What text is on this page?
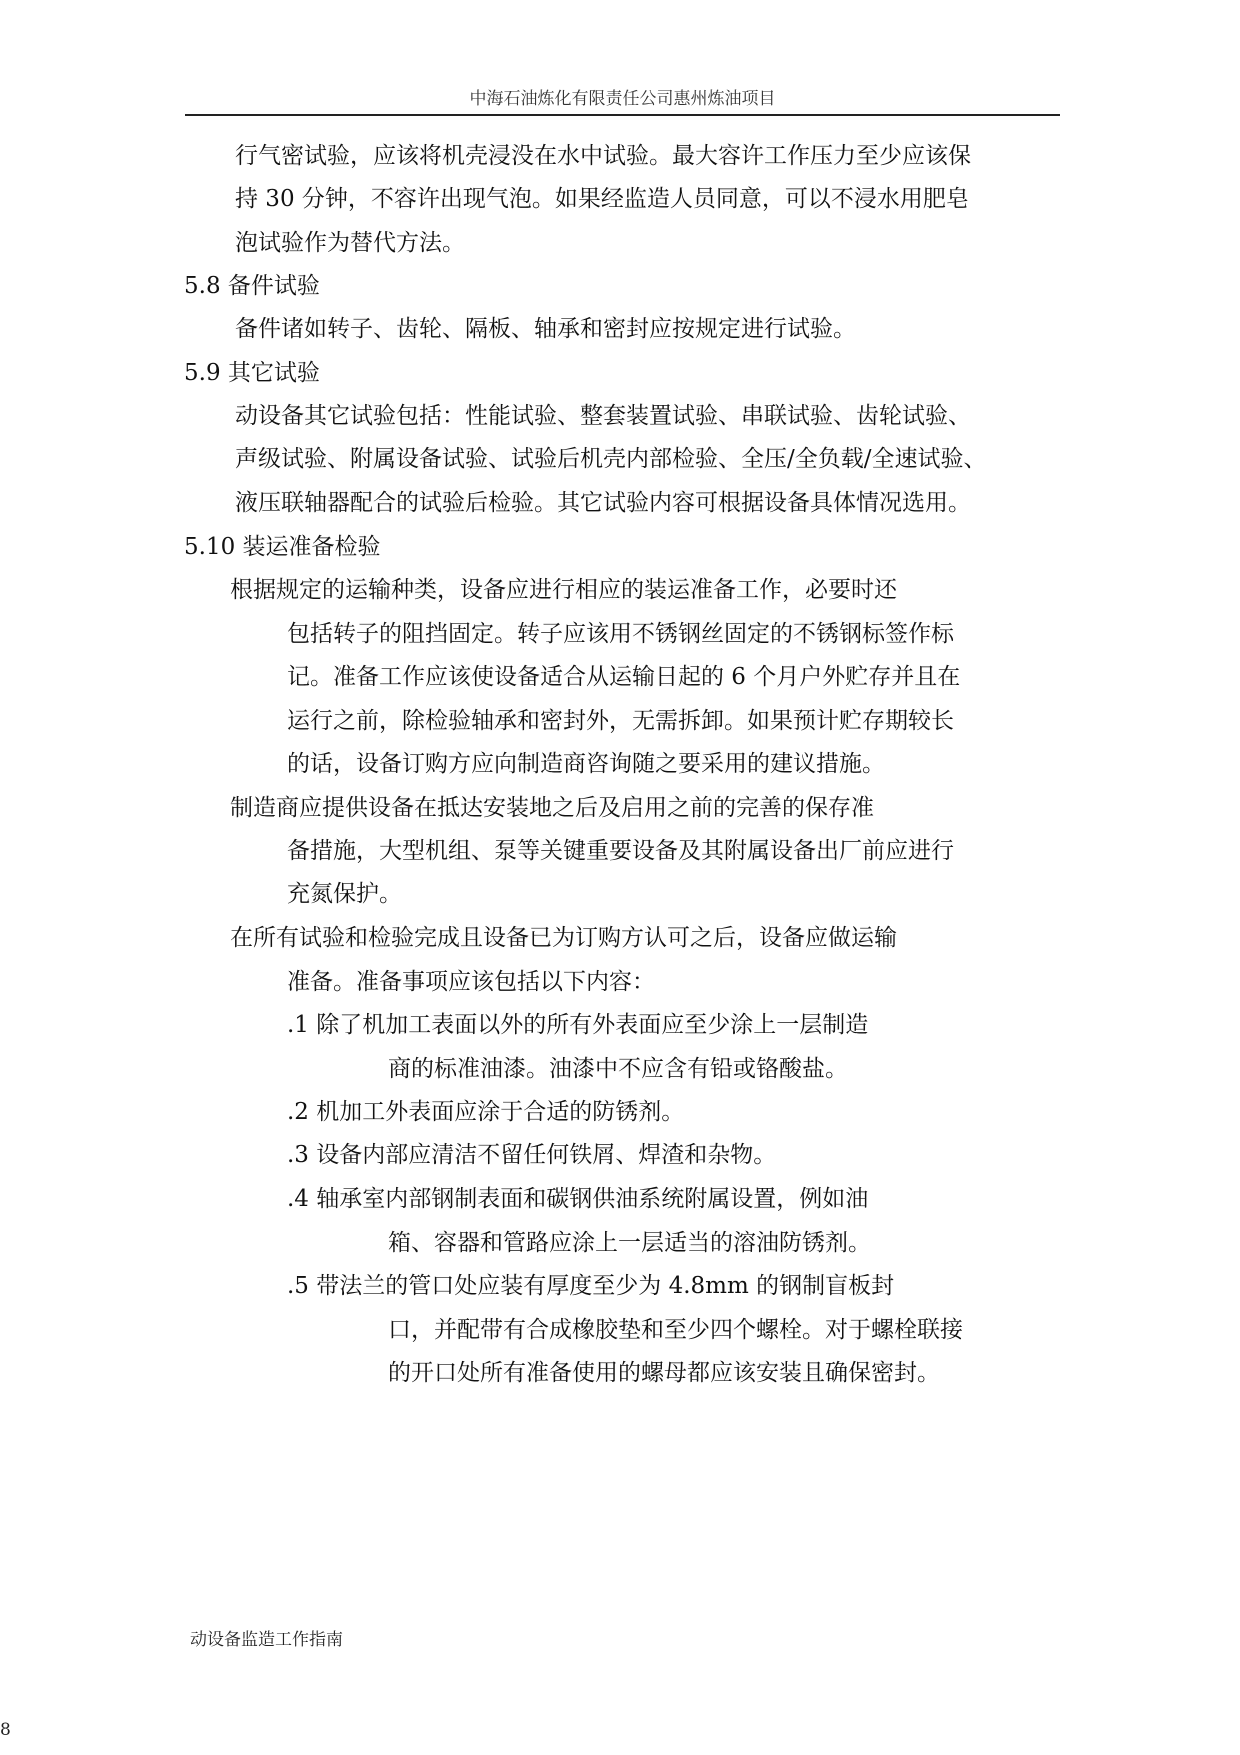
中海石油炼化有限责任公司惠州炼油项目
行气密试验，应该将机壳浸没在水中试验。最大容许工作压力至少应该保
持 30 分钟，不容许出现气泡。如果经监造人员同意，可以不浸水用肥皂
泡试验作为替代方法。
5.8 备件试验
备件诸如转子、齿轮、隔板、轴承和密封应按规定进行试验。
5.9 其它试验
动设备其它试验包括：性能试验、整套装置试验、串联试验、齿轮试验、
声级试验、附属设备试验、试验后机壳内部检验、全压/全负载/全速试验、
液压联轴器配合的试验后检验。其它试验内容可根据设备具体情况选用。
5.10 装运准备检验
根据规定的运输种类，设备应进行相应的装运准备工作，必要时还
包括转子的阻挡固定。转子应该用不锈钢丝固定的不锈钢标签作标
记。准备工作应该使设备适合从运输日起的 6 个月户外贮存并且在
运行之前，除检验轴承和密封外，无需拆卸。如果预计贮存期较长
的话，设备订购方应向制造商咨询随之要采用的建议措施。
制造商应提供设备在抵达安装地之后及启用之前的完善的保存准
备措施，大型机组、泵等关键重要设备及其附属设备出厂前应进行
充氮保护。
在所有试验和检验完成且设备已为订购方认可之后，设备应做运输
准备。准备事项应该包括以下内容：
.1 除了机加工表面以外的所有外表面应至少涂上一层制造
商的标准油漆。油漆中不应含有铅或铬酸盐。
.2 机加工外表面应涂于合适的防锈剂。
.3 设备内部应清洁不留任何铁屑、焊渣和杂物。
.4 轴承室内部钢制表面和碳钢供油系统附属设置，例如油
箱、容器和管路应涂上一层适当的溶油防锈剂。
.5 带法兰的管口处应装有厚度至少为 4.8mm 的钢制盲板封
口，并配带有合成橡胶垫和至少四个螺栓。对于螺栓联接
的开口处所有准备使用的螺母都应该安装且确保密封。
动设备监造工作指南
8
